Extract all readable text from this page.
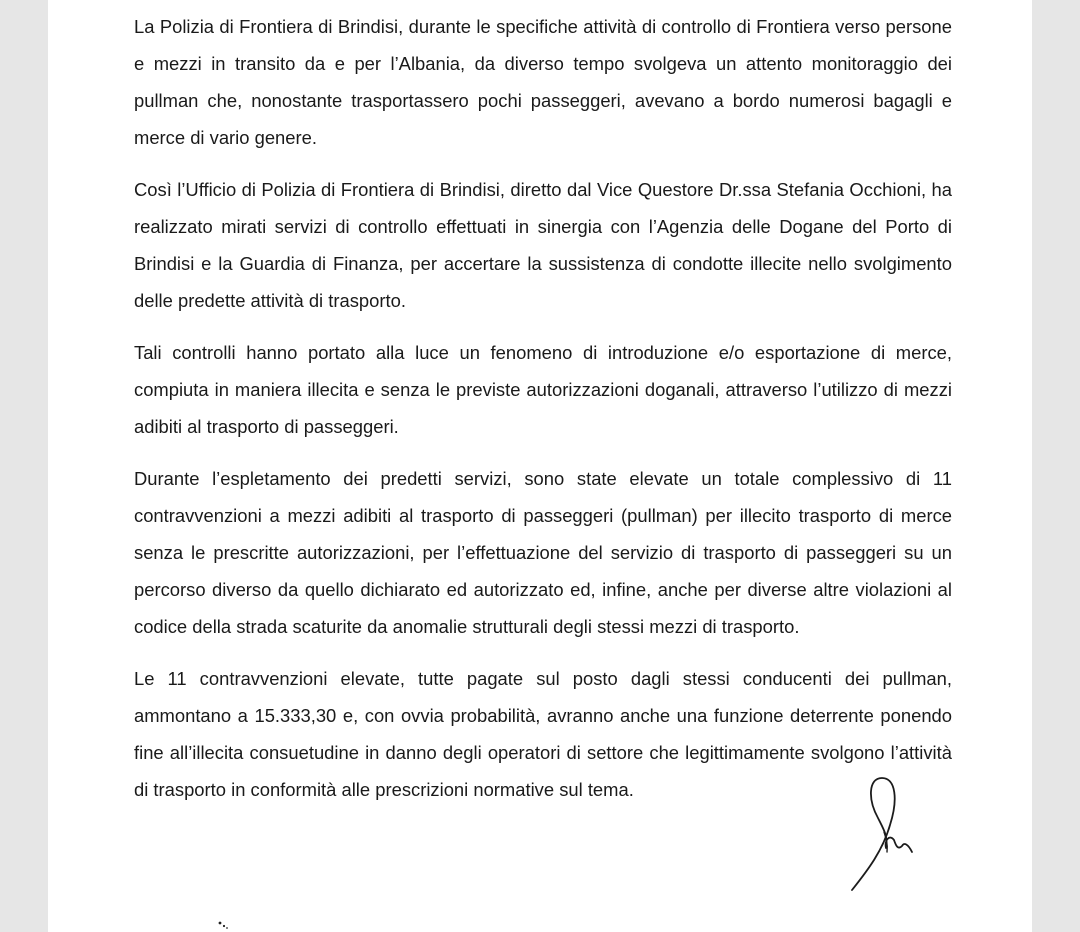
La Polizia di Frontiera di Brindisi, durante le specifiche attività di controllo di Frontiera verso persone e mezzi in transito da e per l’Albania, da diverso tempo svolgeva un attento monitoraggio dei pullman che, nonostante trasportassero pochi passeggeri, avevano a bordo numerosi bagagli e merce di vario genere.

Così l’Ufficio di Polizia di Frontiera di Brindisi, diretto dal Vice Questore Dr.ssa Stefania Occhioni, ha realizzato mirati servizi di controllo effettuati in sinergia con l’Agenzia delle Dogane del Porto di Brindisi e la Guardia di Finanza, per accertare la sussistenza di condotte illecite nello svolgimento delle predette attività di trasporto.

Tali controlli hanno portato alla luce un fenomeno di introduzione e/o esportazione di merce, compiuta in maniera illecita e senza le previste autorizzazioni doganali, attraverso l’utilizzo di mezzi adibiti al trasporto di passeggeri.

Durante l’espletamento dei predetti servizi, sono state elevate un totale complessivo di 11 contravvenzioni a mezzi adibiti al trasporto di passeggeri (pullman) per illecito trasporto di merce senza le prescritte autorizzazioni, per l’effettuazione del servizio di trasporto di passeggeri su un percorso diverso da quello dichiarato ed autorizzato ed, infine, anche per diverse altre violazioni al codice della strada scaturite da anomalie strutturali degli stessi mezzi di trasporto.

Le 11 contravvenzioni elevate, tutte pagate sul posto dagli stessi conducenti dei pullman, ammontano a 15.333,30 e, con ovvia probabilità, avranno anche una funzione deterrente ponendo fine all’illecita consuetudine in danno degli operatori di settore che legittimamente svolgono l’attività di trasporto in conformità alle prescrizioni normative sul tema.
